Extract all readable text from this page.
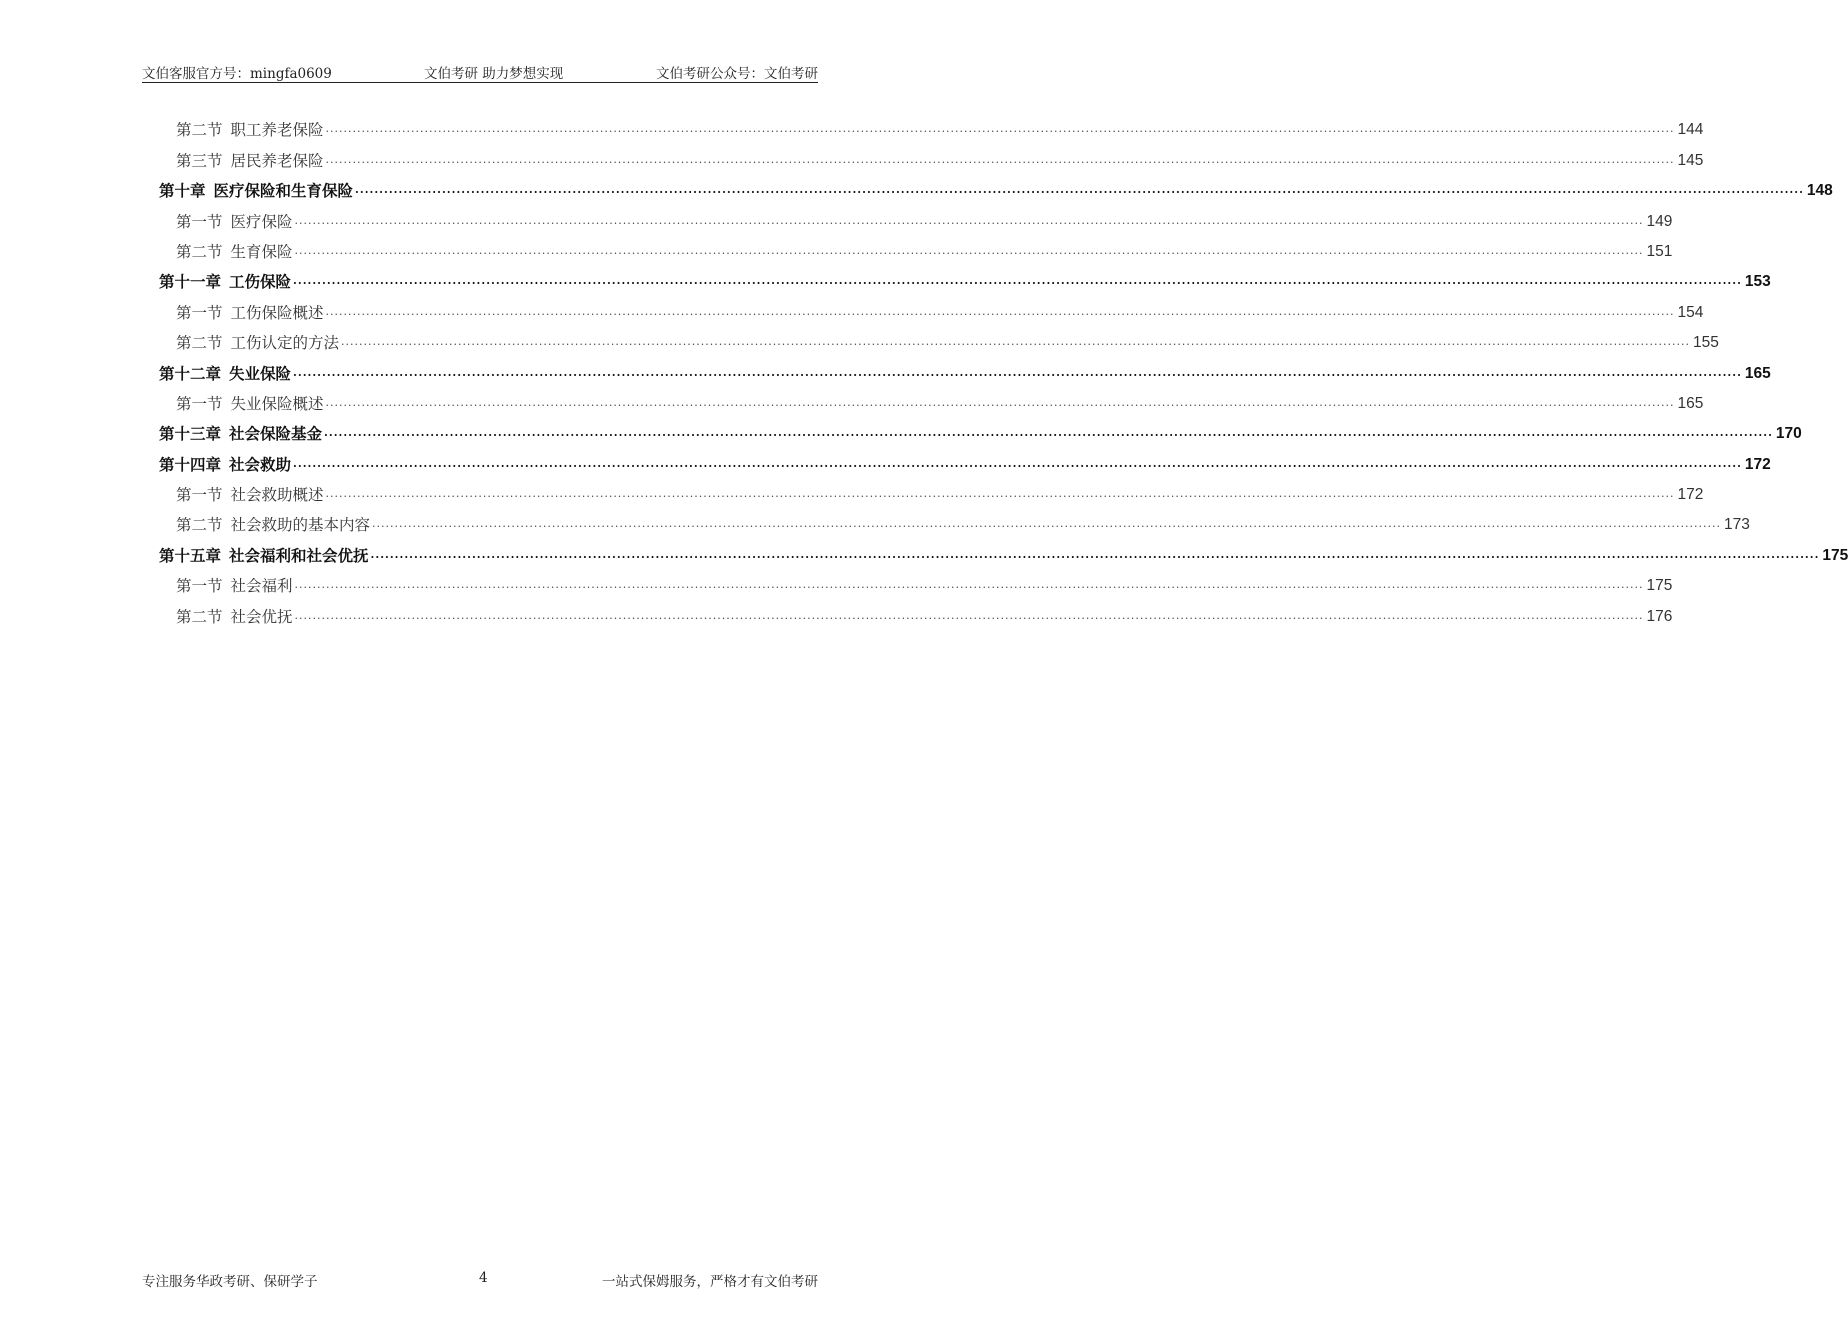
文伯客服官方号：mingfa0609	文伯考研 助力梦想实现	文伯考研公众号：文伯考研
第二节 职工养老保险 ............................................................................................................................................................................................................................................................................................................ 144
第三节 居民养老保险 ............................................................................................................................................................................................................................................................................................................ 145
第十章 医疗保险和生育保险 ............................................................................................................................................................................................................................................................................................................ 148
第一节 医疗保险 ............................................................................................................................................................................................................................................................................................................ 149
第二节 生育保险 ............................................................................................................................................................................................................................................................................................................ 151
第十一章 工伤保险 ............................................................................................................................................................................................................................................................................................................ 153
第一节 工伤保险概述 ............................................................................................................................................................................................................................................................................................................ 154
第二节 工伤认定的方法 ............................................................................................................................................................................................................................................................................................................ 155
第十二章 失业保险 ............................................................................................................................................................................................................................................................................................................ 165
第一节 失业保险概述 ............................................................................................................................................................................................................................................................................................................ 165
第十三章 社会保险基金 ............................................................................................................................................................................................................................................................................................................ 170
第十四章 社会救助 ............................................................................................................................................................................................................................................................................................................ 172
第一节 社会救助概述 ............................................................................................................................................................................................................................................................................................................ 172
第二节 社会救助的基本内容 ............................................................................................................................................................................................................................................................................................................ 173
第十五章 社会福利和社会优抚 ............................................................................................................................................................................................................................................................................................................ 175
第一节 社会福利 ............................................................................................................................................................................................................................................................................................................ 175
第二节 社会优抚 ............................................................................................................................................................................................................................................................................................................ 176
专注服务华政考研、保研学子	4	一站式保姆服务，严格才有文伯考研
